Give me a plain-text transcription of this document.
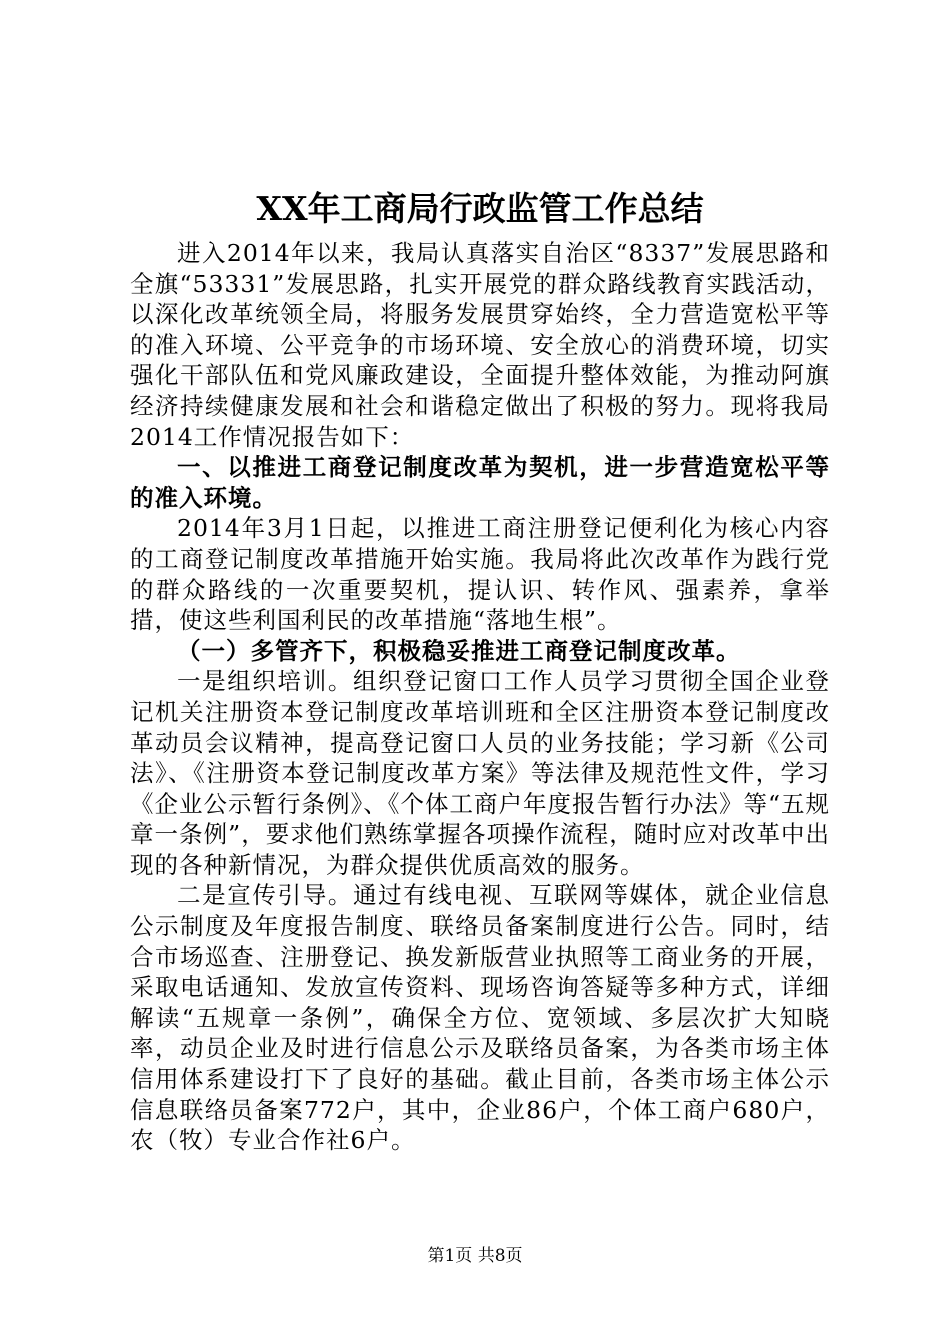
XX年工商局行政监管工作总结

进入2014年以来，我局认真落实自治区“8337”发展思路和全旗“53331”发展思路，扎实开展党的群众路线教育实践活动，以深化改革统领全局，将服务发展贯穿始终，全力营造宽松平等的准入环境、公平竞争的市场环境、安全放心的消费环境，切实强化干部队伍和党风廉政建设，全面提升整体效能，为推动阿旗经济持续健康发展和社会和谐稳定做出了积极的努力。现将我局2014工作情况报告如下：

一、以推进工商登记制度改革为契机，进一步营造宽松平等的准入环境。

2014年3月1日起，以推进工商注册登记便利化为核心内容的工商登记制度改革措施开始实施。我局将此次改革作为践行党的群众路线的一次重要契机，提认识、转作风、强素养，拿举措，使这些利国利民的改革措施“落地生根”。

（一）多管齐下，积极稳妥推进工商登记制度改革。

一是组织培训。组织登记窗口工作人员学习贯彻全国企业登记机关注册资本登记制度改革培训班和全区注册资本登记制度改革动员会议精神，提高登记窗口人员的业务技能；学习新《公司法》、《注册资本登记制度改革方案》等法律及规范性文件，学习《企业公示暂行条例》、《个体工商户年度报告暂行办法》等“五规章一条例”，要求他们熟练掌握各项操作流程，随时应对改革中出现的各种新情况，为群众提供优质高效的服务。

二是宣传引导。通过有线电视、互联网等媒体，就企业信息公示制度及年度报告制度、联络员备案制度进行公告。同时，结合市场巡查、注册登记、换发新版营业执照等工商业务的开展，采取电话通知、发放宣传资料、现场咨询答疑等多种方式，详细解读“五规章一条例”，确保全方位、宽领域、多层次扩大知晓率，动员企业及时进行信息公示及联络员备案，为各类市场主体信用体系建设打下了良好的基础。截止目前，各类市场主体公示信息联络员备案772户，其中，企业86户，个体工商户680户，农（牧）专业合作社6户。

第1页 共8页
